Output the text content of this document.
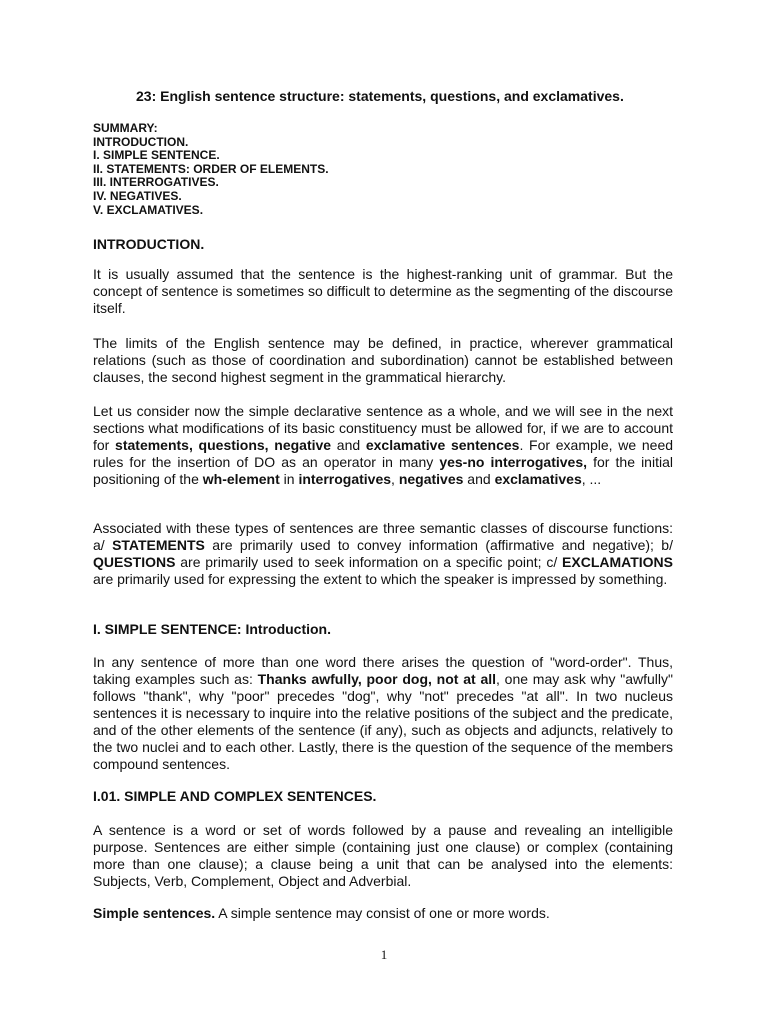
23: English sentence structure: statements, questions, and exclamatives.
SUMMARY:
INTRODUCTION.
I. SIMPLE SENTENCE.
II. STATEMENTS: ORDER OF ELEMENTS.
III. INTERROGATIVES.
IV. NEGATIVES.
V. EXCLAMATIVES.
INTRODUCTION.
It is usually assumed that the sentence is the highest-ranking unit of grammar. But the concept of sentence is sometimes so difficult to determine as the segmenting of the discourse itself.
The limits of the English sentence may be defined, in practice, wherever grammatical relations (such as those of coordination and subordination) cannot be established between clauses, the second highest segment in the grammatical hierarchy.
Let us consider now the simple declarative sentence as a whole, and we will see in the next sections what modifications of its basic constituency must be allowed for, if we are to account for statements, questions, negative and exclamative sentences. For example, we need rules for the insertion of DO as an operator in many yes-no interrogatives, for the initial positioning of the wh-element in interrogatives, negatives and exclamatives, ...
Associated with these types of sentences are three semantic classes of discourse functions: a/ STATEMENTS are primarily used to convey information (affirmative and negative); b/ QUESTIONS are primarily used to seek information on a specific point; c/ EXCLAMATIONS are primarily used for expressing the extent to which the speaker is impressed by something.
I. SIMPLE SENTENCE: Introduction.
In any sentence of more than one word there arises the question of "word-order". Thus, taking examples such as: Thanks awfully, poor dog, not at all, one may ask why "awfully" follows "thank", why "poor" precedes "dog", why "not" precedes "at all". In two nucleus sentences it is necessary to inquire into the relative positions of the subject and the predicate, and of the other elements of the sentence (if any), such as objects and adjuncts, relatively to the two nuclei and to each other. Lastly, there is the question of the sequence of the members compound sentences.
I.01. SIMPLE AND COMPLEX SENTENCES.
A sentence is a word or set of words followed by a pause and revealing an intelligible purpose. Sentences are either simple (containing just one clause) or complex (containing more than one clause); a clause being a unit that can be analysed into the elements: Subjects, Verb, Complement, Object and Adverbial.
Simple sentences. A simple sentence may consist of one or more words.
1
